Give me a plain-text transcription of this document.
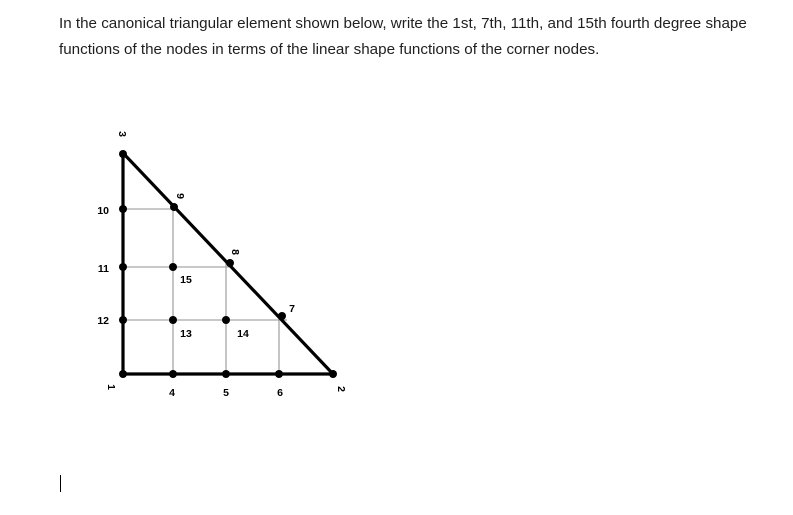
In the canonical triangular element shown below, write the 1st, 7th, 11th, and 15th fourth degree shape functions of the nodes in terms of the linear shape functions of the corner nodes.

3
10
11
12
1	4	5	6	2
9
8
7
15
13	14
